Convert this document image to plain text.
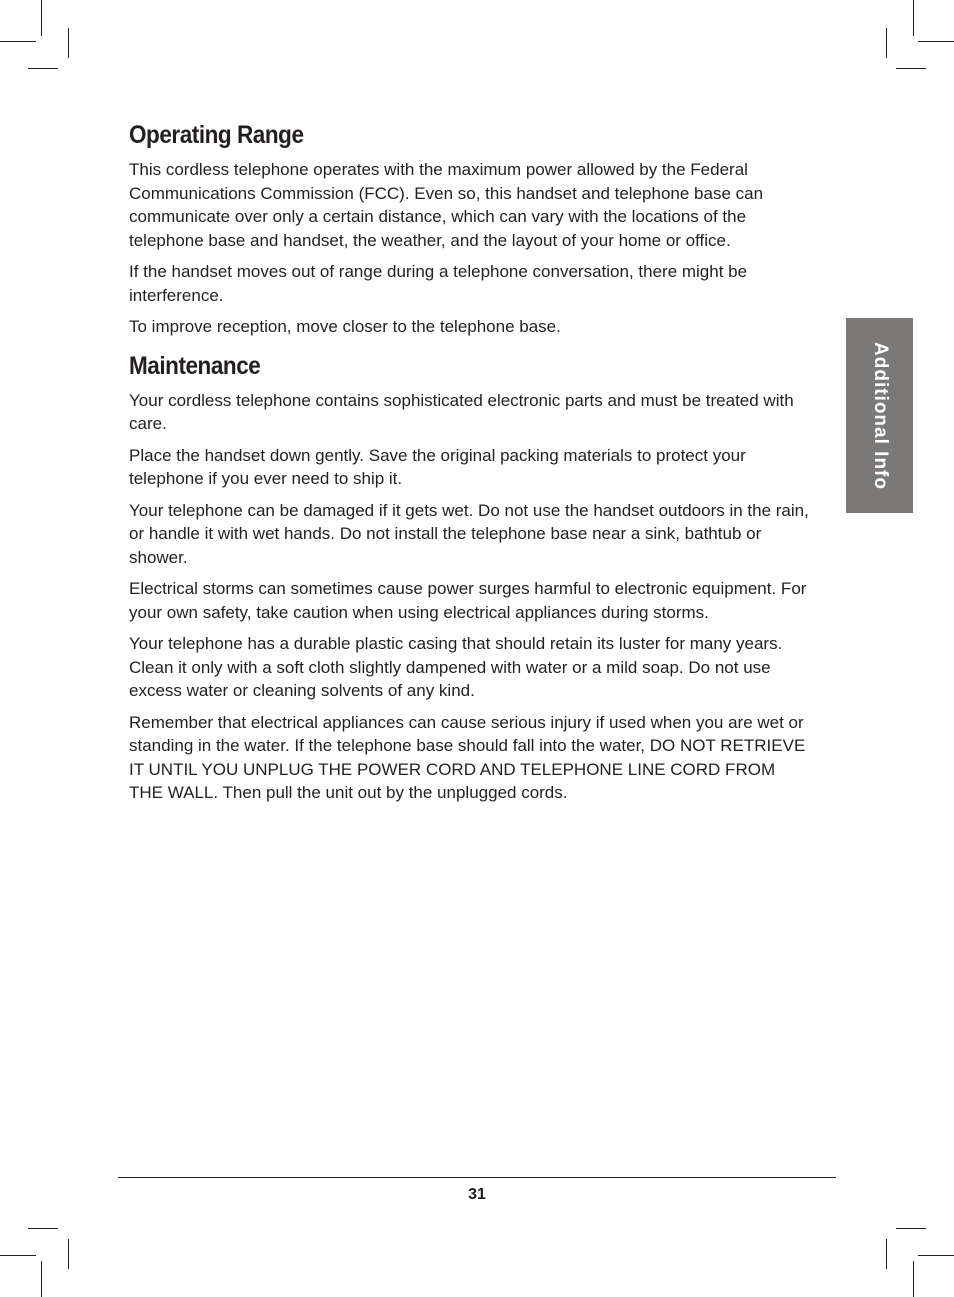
Operating Range

This cordless telephone operates with the maximum power allowed by the Federal Communications Commission (FCC). Even so, this handset and telephone base can communicate over only a certain distance, which can vary with the locations of the telephone base and handset, the weather, and the layout of your home or office.

If the handset moves out of range during a telephone conversation, there might be interference.

To improve reception, move closer to the telephone base.

Maintenance

Your cordless telephone contains sophisticated electronic parts and must be treated with care.

Place the handset down gently. Save the original packing materials to protect your telephone if you ever need to ship it.

Your telephone can be damaged if it gets wet. Do not use the handset outdoors in the rain, or handle it with wet hands. Do not install the telephone base near a sink, bathtub or shower.

Electrical storms can sometimes cause power surges harmful to electronic equipment. For your own safety, take caution when using electrical appliances during storms.

Your telephone has a durable plastic casing that should retain its luster for many years. Clean it only with a soft cloth slightly dampened with water or a mild soap. Do not use excess water or cleaning solvents of any kind.

Remember that electrical appliances can cause serious injury if used when you are wet or standing in the water. If the telephone base should fall into the water, DO NOT RETRIEVE IT UNTIL YOU UNPLUG THE POWER CORD AND TELEPHONE LINE CORD FROM THE WALL. Then pull the unit out by the unplugged cords.

Additional Info
31
